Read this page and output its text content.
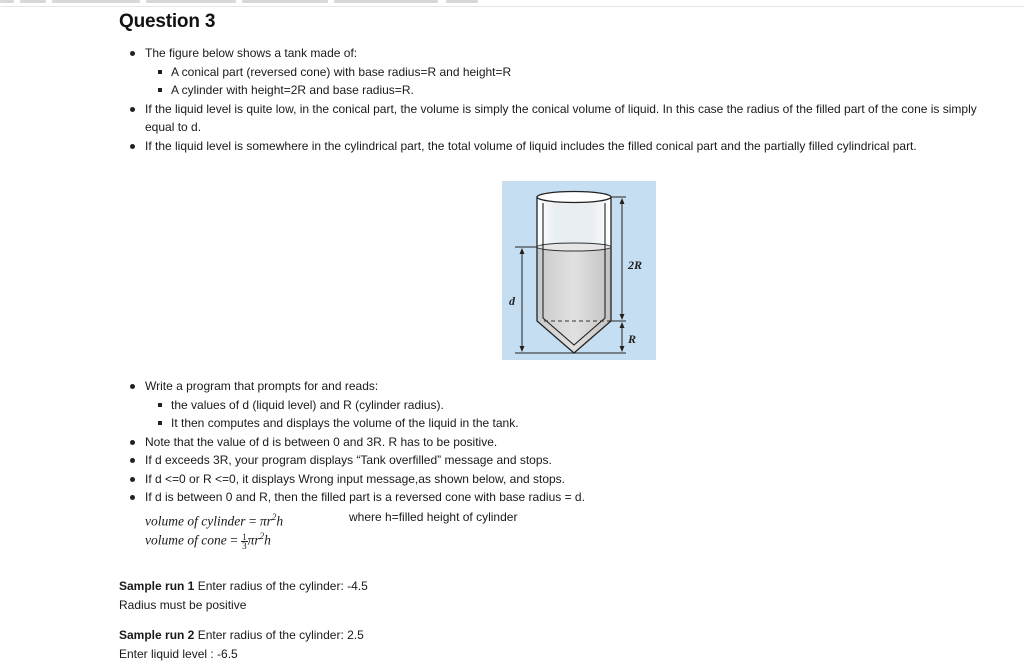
Question 3
The figure below shows a tank made of:
A conical part (reversed cone) with base radius=R and height=R
A cylinder with height=2R and base radius=R.
If the liquid level is quite low, in the conical part, the volume is simply the conical volume of liquid. In this case the radius of the filled part of the cone is simply equal to d.
If the liquid level is somewhere in the cylindrical part, the total volume of liquid includes the filled conical part and the partially filled cylindrical part.
2R
d
R
Write a program that prompts for and reads:
the values of d (liquid level) and R (cylinder radius).
It then computes and displays the volume of the liquid in the tank.
Note that the value of d is between 0 and 3R. R has to be positive.
If d exceeds 3R, your program displays “Tank overfilled” message and stops.
If d <=0 or R <=0, it displays Wrong input message,as shown below, and stops.
If d is between 0 and R, then the filled part is a reversed cone with base radius = d.
volume of cylinder = $\pi r^2h$	where h=filled height of cylinder
volume of cone = $\frac{1}{3} \pi r^2h$
Sample run 1 Enter radius of the cylinder: -4.5
Radius must be positive
Sample run 2 Enter radius of the cylinder: 2.5
Enter liquid level : -6.5
